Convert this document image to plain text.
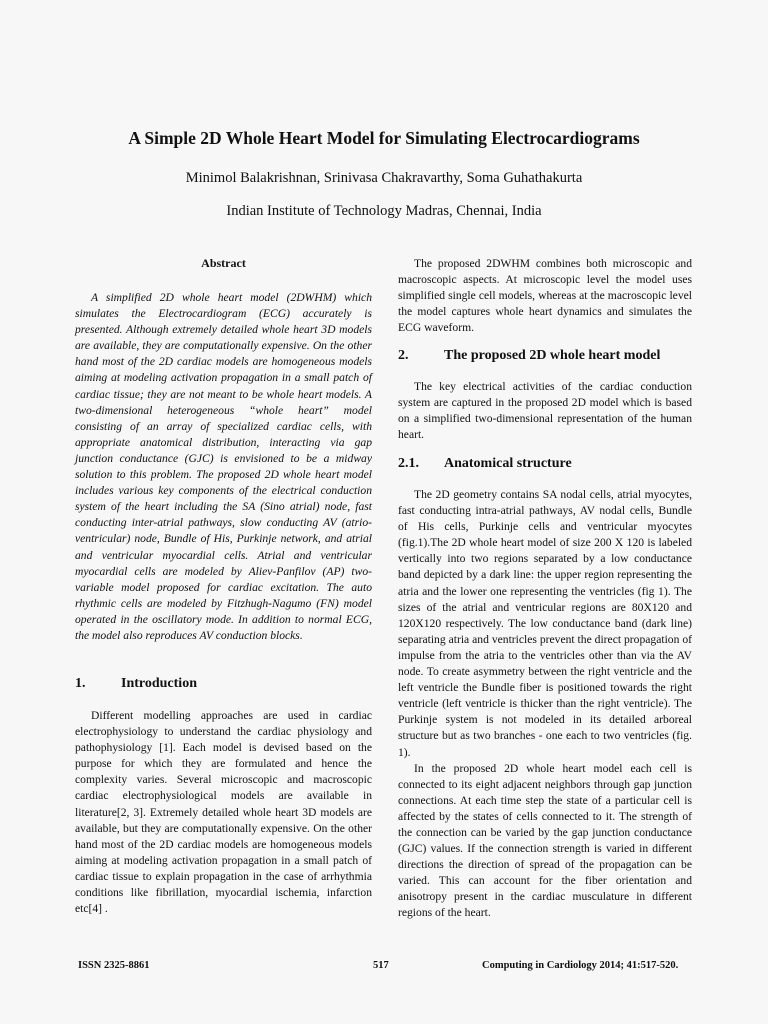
A Simple 2D Whole Heart Model for Simulating Electrocardiograms
Minimol Balakrishnan, Srinivasa Chakravarthy, Soma Guhathakurta
Indian Institute of Technology Madras, Chennai, India
Abstract

A simplified 2D whole heart model (2DWHM) which simulates the Electrocardiogram (ECG) accurately is presented. Although extremely detailed whole heart 3D models are available, they are computationally expensive. On the other hand most of the 2D cardiac models are homogeneous models aiming at modeling activation propagation in a small patch of cardiac tissue; they are not meant to be whole heart models. A two-dimensional heterogeneous “whole heart” model consisting of an array of specialized cardiac cells, with appropriate anatomical distribution, interacting via gap junction conductance (GJC) is envisioned to be a midway solution to this problem. The proposed 2D whole heart model includes various key components of the electrical conduction system of the heart including the SA (Sino atrial) node, fast conducting inter-atrial pathways, slow conducting AV (atrio-ventricular) node, Bundle of His, Purkinje network, and atrial and ventricular myocardial cells. Atrial and ventricular myocardial cells are modeled by Aliev-Panfilov (AP) two-variable model proposed for cardiac excitation. The auto rhythmic cells are modeled by Fitzhugh-Nagumo (FN) model operated in the oscillatory mode. In addition to normal ECG, the model also reproduces AV conduction blocks.

1.	Introduction

Different modelling approaches are used in cardiac electrophysiology to understand the cardiac physiology and pathophysiology [1]. Each model is devised based on the purpose for which they are formulated and hence the complexity varies. Several microscopic and macroscopic cardiac electrophysiological models are available in literature[2, 3]. Extremely detailed whole heart 3D models are available, but they are computationally expensive. On the other hand most of the 2D cardiac models are homogeneous models aiming at modeling activation propagation in a small patch of cardiac tissue to explain propagation in the case of arrhythmia conditions like fibrillation, myocardial ischemia, infarction etc[4] .

The proposed 2DWHM combines both microscopic and macroscopic aspects. At microscopic level the model uses simplified single cell models, whereas at the macroscopic level the model captures whole heart dynamics and simulates the ECG waveform.

2.	The proposed 2D whole heart model

The key electrical activities of the cardiac conduction system are captured in the proposed 2D model which is based on a simplified two-dimensional representation of the human heart.

2.1. Anatomical structure

The 2D geometry contains SA nodal cells, atrial myocytes, fast conducting intra-atrial pathways, AV nodal cells, Bundle of His cells, Purkinje cells and ventricular myocytes (fig.1).The 2D whole heart model of size 200 X 120 is labeled vertically into two regions separated by a low conductance band depicted by a dark line: the upper region representing the atria and the lower one representing the ventricles (fig 1). The sizes of the atrial and ventricular regions are 80X120 and 120X120 respectively. The low conductance band (dark line) separating atria and ventricles prevent the direct propagation of impulse from the atria to the ventricles other than via the AV node. To create asymmetry between the right ventricle and the left ventricle the Bundle fiber is positioned towards the right ventricle (left ventricle is thicker than the right ventricle). The Purkinje system is not modeled in its detailed arboreal structure but as two branches - one each to two ventricles (fig. 1).

In the proposed 2D whole heart model each cell is connected to its eight adjacent neighbors through gap junction connections. At each time step the state of a particular cell is affected by the states of cells connected to it. The strength of the connection can be varied by the gap junction conductance (GJC) values. If the connection strength is varied in different directions the direction of spread of the propagation can be varied. This can account for the fiber orientation and anisotropy present in the cardiac musculature in different regions of the heart.

ISSN 2325-8861	517	Computing in Cardiology 2014; 41:517-520.
